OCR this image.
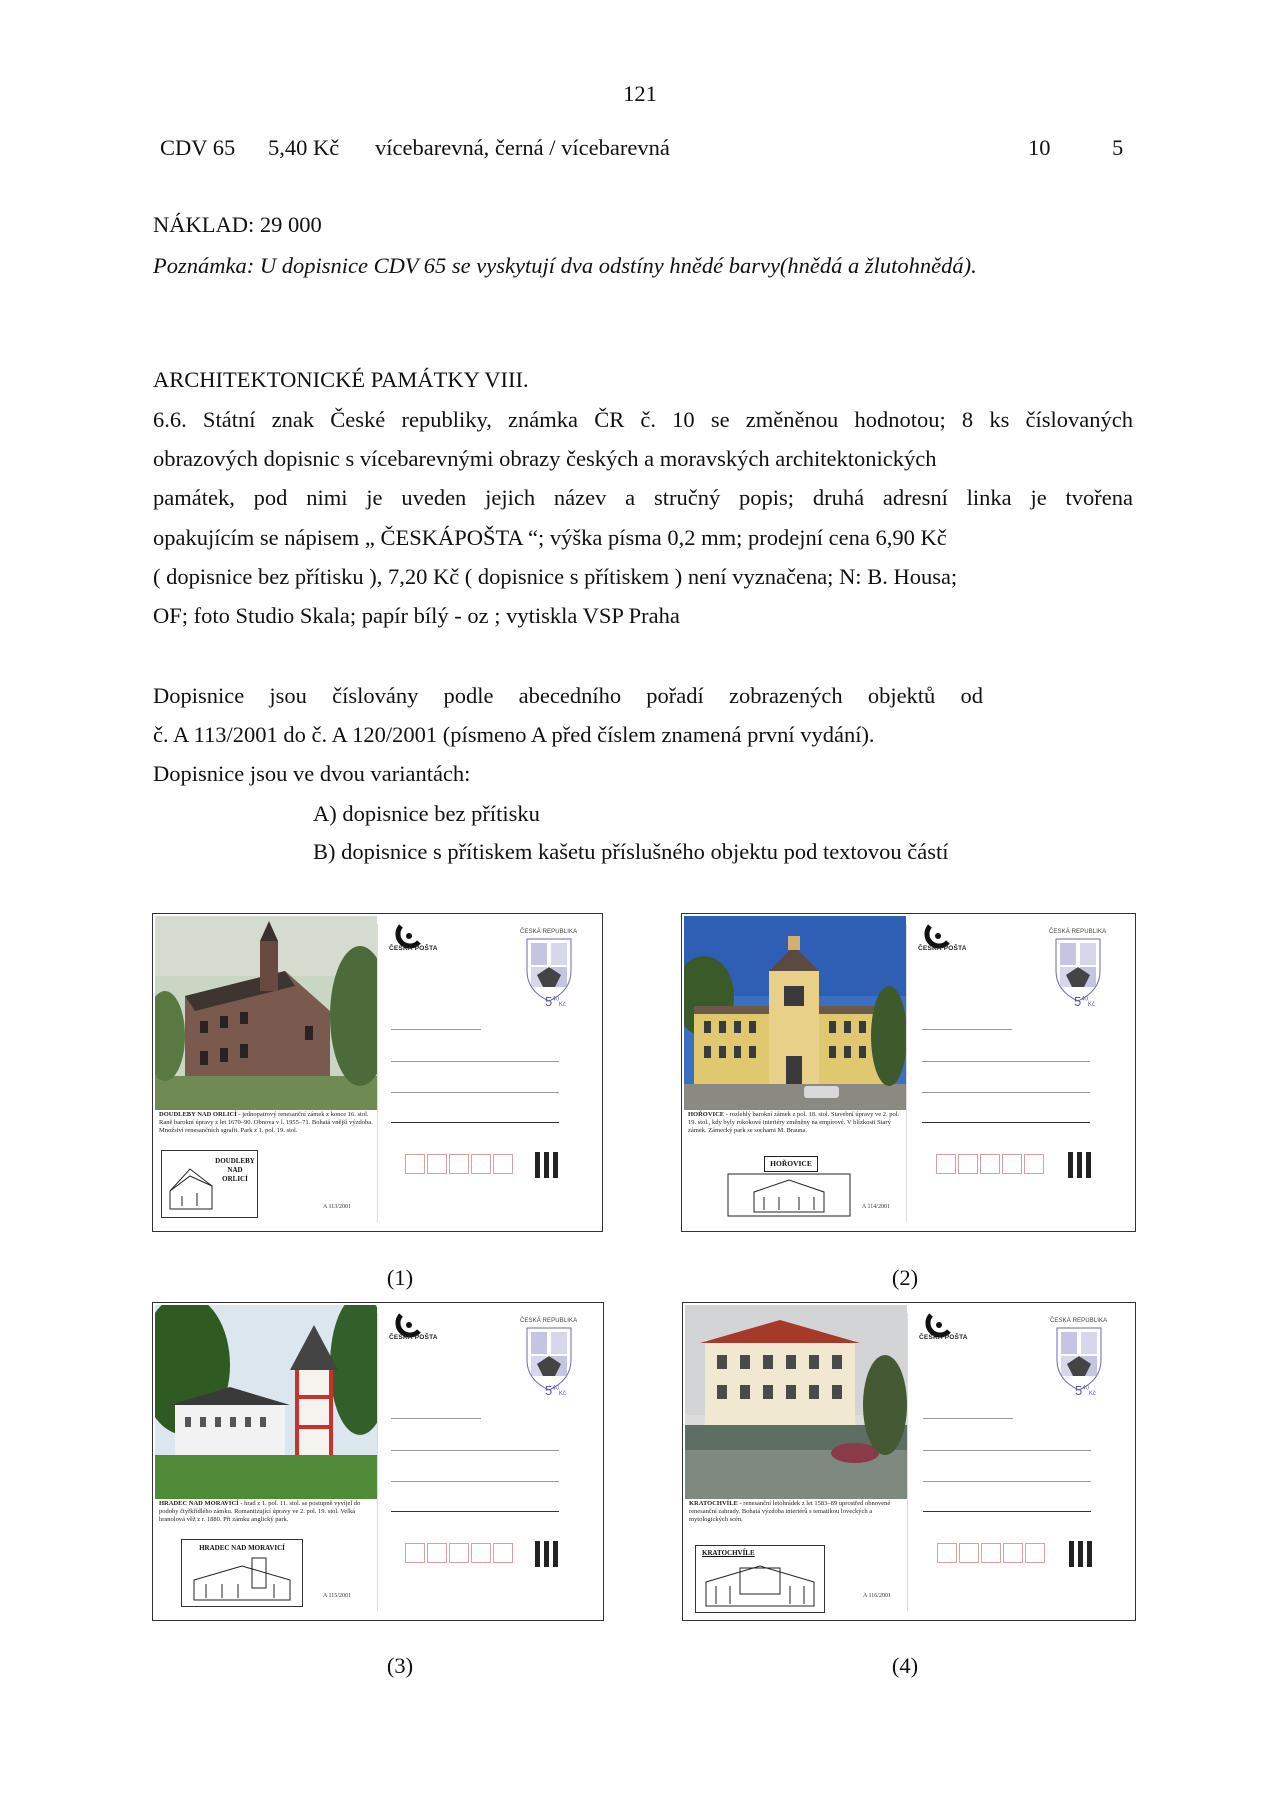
121
CDV 65 5,40 Kč vícebarevná, černá / vícebarevná	10	5
NÁKLAD: 29 000
Poznámka: U dopisnice CDV 65 se vyskytují dva odstíny hnědé barvy(hnědá a žlutohnědá).
ARCHITEKTONICKÉ PAMÁTKY VIII.
6.6. Státní znak České republiky, známka ČR č. 10 se změněnou hodnotou; 8 ks číslovaných
obrazových dopisnic s vícebarevnými obrazy českých a moravských architektonických
památek, pod nimi je uveden jejich název a stručný popis; druhá adresní linka je tvořena
opakujícím se nápisem „ ČESKÁPOŠTA “; výška písma 0,2 mm; prodejní cena 6,90 Kč
( dopisnice bez přítisku ), 7,20 Kč ( dopisnice s přítiskem ) není vyznačena; N: B. Housa;
OF; foto Studio Skala; papír bílý - oz ; vytiskla VSP Praha
Dopisnice jsou číslovány podle abecedního pořadí zobrazených objektů od
č. A 113/2001 do č. A 120/2001 (písmeno A před číslem znamená první vydání).
Dopisnice jsou ve dvou variantách:
A) dopisnice bez přítisku
B) dopisnice s přítiskem kašetu příslušného objektu pod textovou částí
DOUDLEBY NAD ORLICÍ - jednopatrový renesanční zámek z konce 16. stol. Raně barokní úpravy z let 1670–90. Obnova v l. 1955–71. Bohatá vnější výzdoba. Množství renesančních sgrafit. Park z 1. pol. 19. stol.
DOUDLEBY NAD ORLICÍ
A 113/2001
ČESKÁ POŠTA
ČESKÁ REPUBLIKA
$5^{40}Kč$
(1)
HOŘOVICE - rozlehlý barokní zámek z pol. 18. stol. Stavební úpravy ve 2. pol. 19. stol., kdy byly rokokové interiéry změněny na empírové. V blízkosti Starý zámek. Zámecký park se sochami M. Brauna.
HOŘOVICE
A 114/2001
ČESKÁ POŠTA
ČESKÁ REPUBLIKA
$5^{40}Kč$
(2)
HRADEC NAD MORAVICÍ - hrad z 1. pol. 11. stol. se postupně vyvíjel do podoby čtyřkřídlého zámku. Romantizující úpravy ve 2. pol. 19. stol. Velká hranolová věž z r. 1880. Při zámku anglický park.
HRADEC NAD MORAVICÍ
A 115/2001
ČESKÁ POŠTA
ČESKÁ REPUBLIKA
$5^{40}Kč$
(3)
KRATOCHVÍLE - renesanční letohrádek z let 1583–89 uprostřed obnovené renesanční zahrady. Bohatá výzdoba interiérů s tematikou loveckých a mytologických scén.
KRATOCHVÍLE
A 116/2001
ČESKÁ POŠTA
ČESKÁ REPUBLIKA
$5^{40}Kč$
(4)
